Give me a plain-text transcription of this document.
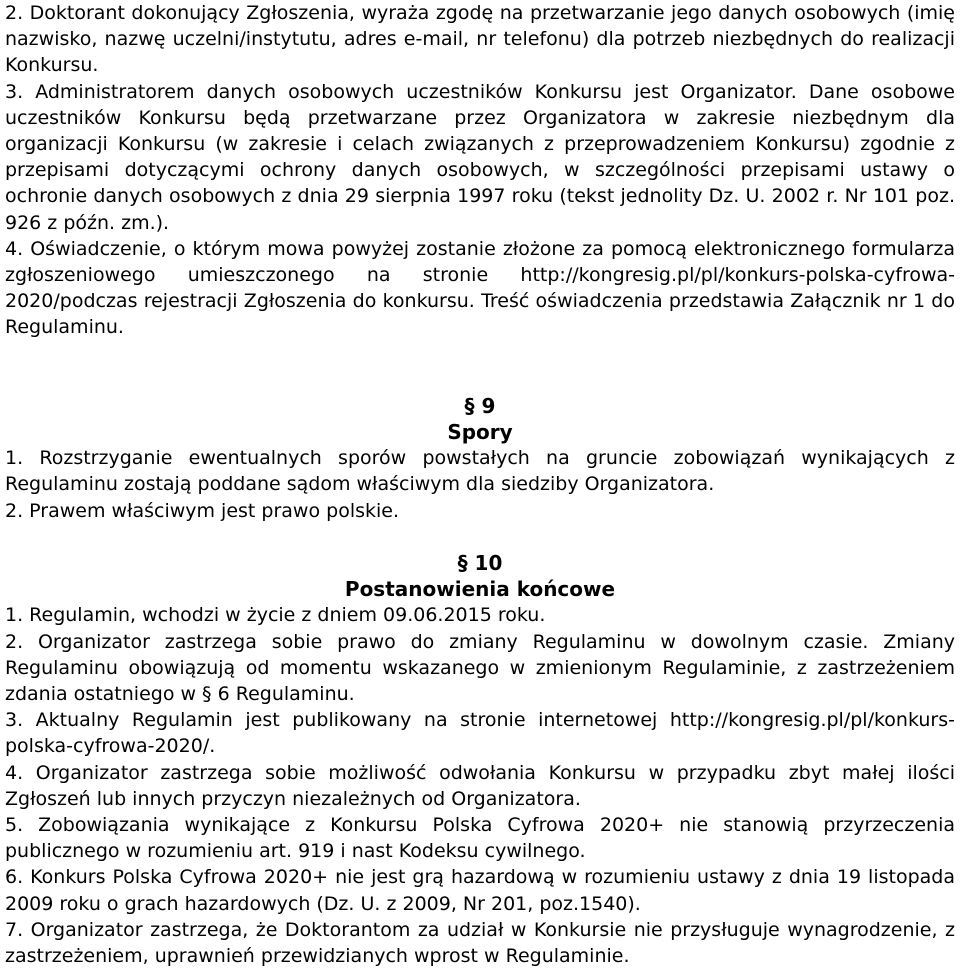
2. Doktorant dokonujący Zgłoszenia, wyraża zgodę na przetwarzanie jego danych osobowych (imię nazwisko, nazwę uczelni/instytutu, adres e-mail, nr telefonu) dla potrzeb niezbędnych do realizacji Konkursu.

3. Administratorem danych osobowych uczestników Konkursu jest Organizator. Dane osobowe uczestników Konkursu będą przetwarzane przez Organizatora w zakresie niezbędnym dla organizacji Konkursu (w zakresie i celach związanych z przeprowadzeniem Konkursu) zgodnie z przepisami dotyczącymi ochrony danych osobowych, w szczególności przepisami ustawy o ochronie danych osobowych z dnia 29 sierpnia 1997 roku (tekst jednolity Dz. U. 2002 r. Nr 101 poz. 926 z późn. zm.).

4. Oświadczenie, o którym mowa powyżej zostanie złożone za pomocą elektronicznego formularza zgłoszeniowego umieszczonego na stronie http://kongresig.pl/pl/konkurs-polska-cyfrowa-2020/podczas rejestracji Zgłoszenia do konkursu. Treść oświadczenia przedstawia Załącznik nr 1 do Regulaminu.

§ 9
Spory

1. Rozstrzyganie ewentualnych sporów powstałych na gruncie zobowiązań wynikających z Regulaminu zostają poddane sądom właściwym dla siedziby Organizatora.

2. Prawem właściwym jest prawo polskie.

§ 10
Postanowienia końcowe

1. Regulamin, wchodzi w życie z dniem 09.06.2015 roku.

2. Organizator zastrzega sobie prawo do zmiany Regulaminu w dowolnym czasie. Zmiany Regulaminu obowiązują od momentu wskazanego w zmienionym Regulaminie, z zastrzeżeniem zdania ostatniego w § 6 Regulaminu.

3. Aktualny Regulamin jest publikowany na stronie internetowej http://kongresig.pl/pl/konkurs-polska-cyfrowa-2020/.

4. Organizator zastrzega sobie możliwość odwołania Konkursu w przypadku zbyt małej ilości Zgłoszeń lub innych przyczyn niezależnych od Organizatora.

5. Zobowiązania wynikające z Konkursu Polska Cyfrowa 2020+ nie stanowią przyrzeczenia publicznego w rozumieniu art. 919 i nast Kodeksu cywilnego.

6. Konkurs Polska Cyfrowa 2020+ nie jest grą hazardową w rozumieniu ustawy z dnia 19 listopada 2009 roku o grach hazardowych (Dz. U. z 2009, Nr 201, poz.1540).

7. Organizator zastrzega, że Doktorantom za udział w Konkursie nie przysługuje wynagrodzenie, z zastrzeżeniem, uprawnień przewidzianych wprost w Regulaminie.
